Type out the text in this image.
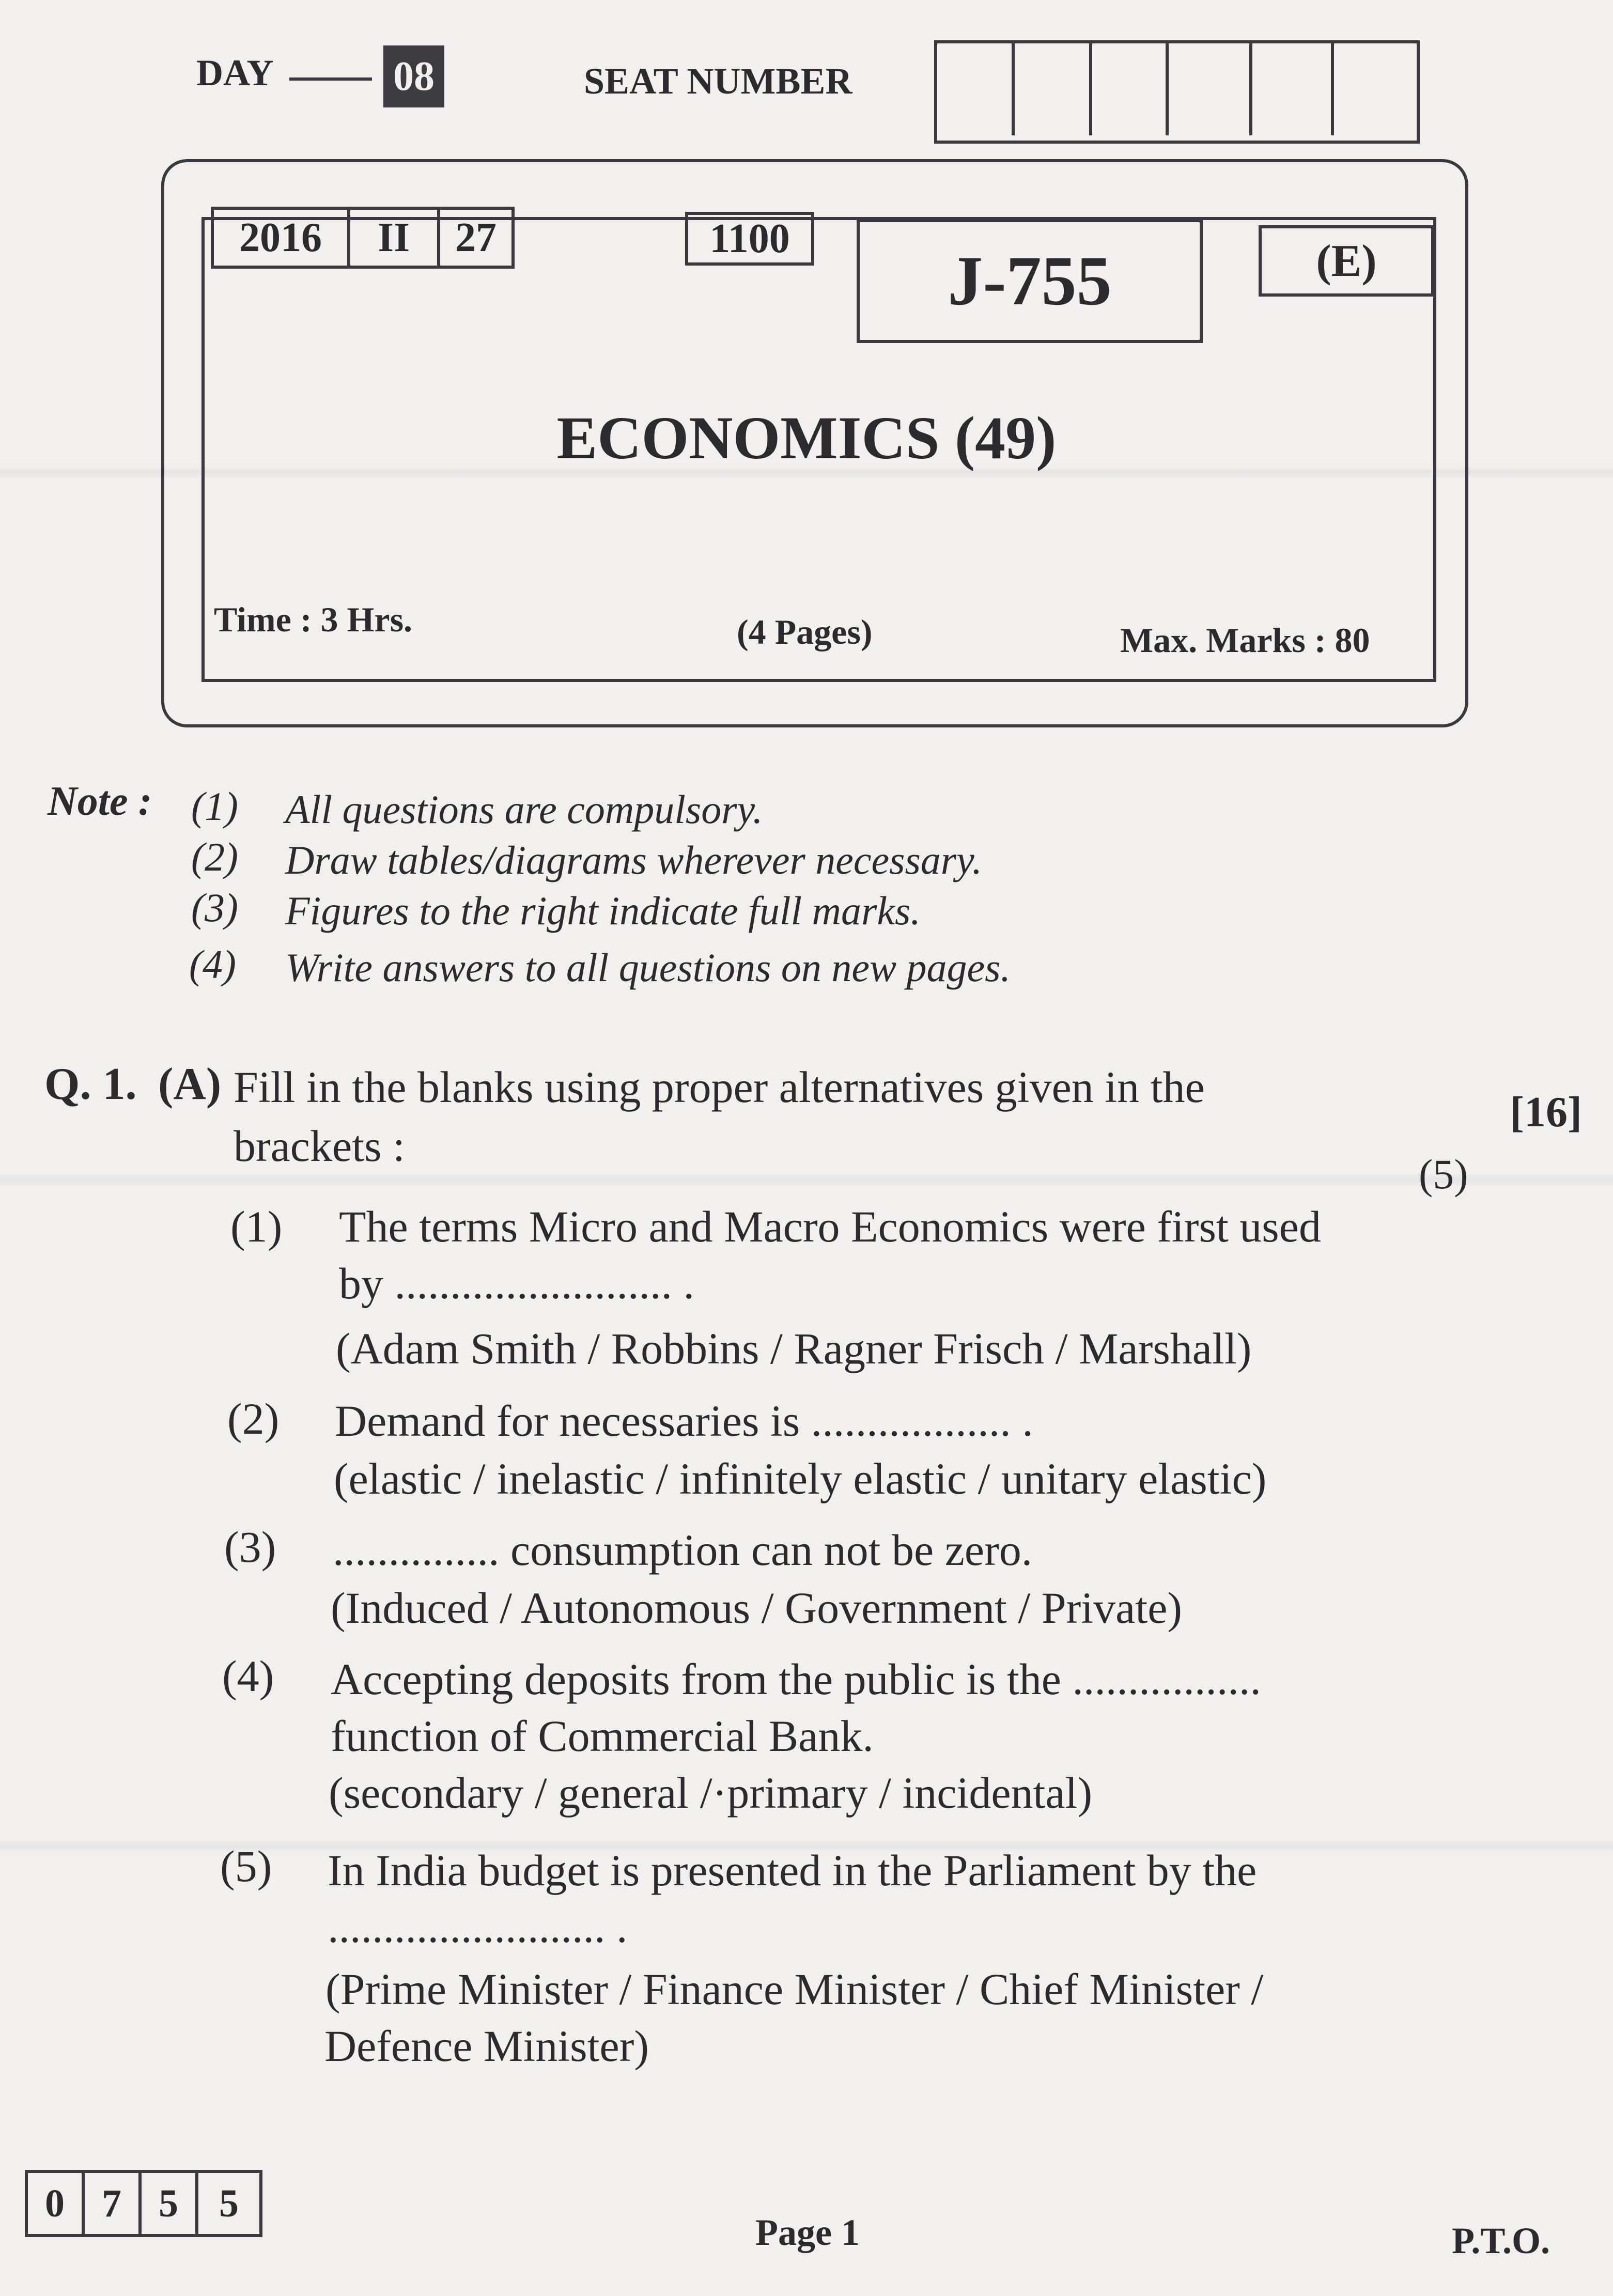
DAY	08	SEAT NUMBER
2016	II	27	1100
J-755	(E)
ECONOMICS (49)
Time : 3 Hrs.	(4 Pages)	Max. Marks : 80
Note : (1) All questions are compulsory.
(2) Draw tables/diagrams wherever necessary.
(3) Figures to the right indicate full marks.
(4) Write answers to all questions on new pages.
Q. 1. (A) Fill in the blanks using proper alternatives given in the
brackets :
[16]
(5)
(1) The terms Micro and Macro Economics were first used
by ......................... .
(Adam Smith / Robbins / Ragner Frisch / Marshall)
(2) Demand for necessaries is .................. .
(elastic / inelastic / infinitely elastic / unitary elastic)
(3) ............... consumption can not be zero.
(Induced / Autonomous / Government / Private)
(4) Accepting deposits from the public is the .................
function of Commercial Bank.
(secondary / general /·primary / incidental)
(5) In India budget is presented in the Parliament by the
......................... .
(Prime Minister / Finance Minister / Chief Minister /
Defence Minister)
0 7 5	5
Page 1	P.T.O.
